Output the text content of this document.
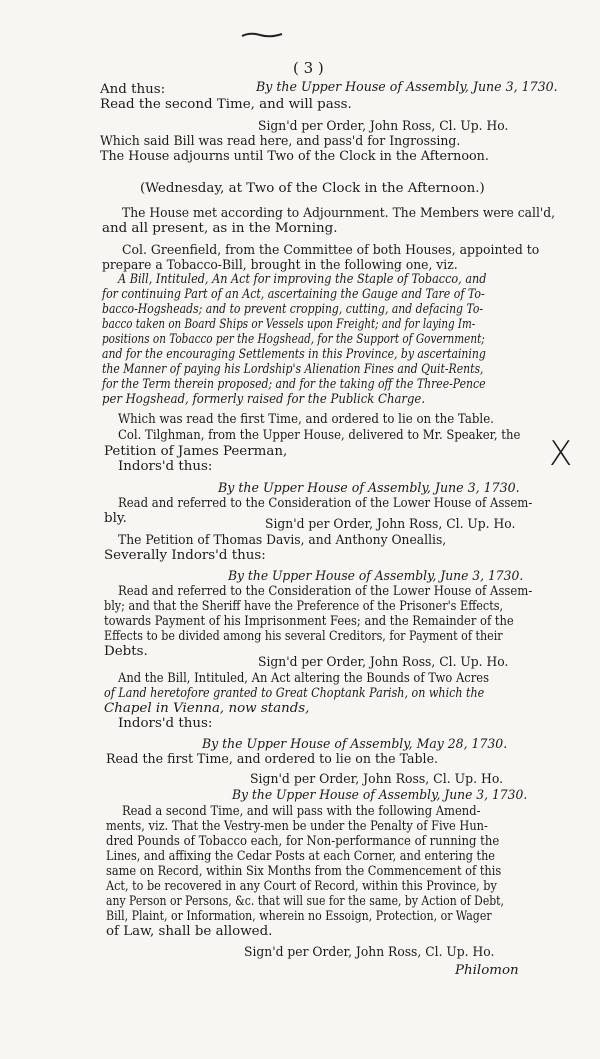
( 3 )
And thus:	By the Upper House of Assembly, June 3, 1730.
Read the second Time, and will pass.
Sign'd per Order, John Ross, Cl. Up. Ho.
Which said Bill was read here, and pass'd for Ingrossing.
The House adjourns until Two of the Clock in the Afternoon.
(Wednesday, at Two of the Clock in the Afternoon.)
The House met according to Adjournment. The Members were call'd,
and all present, as in the Morning.
Col. Greenfield, from the Committee of both Houses, appointed to
prepare a Tobacco-Bill, brought in the following one, viz.
A Bill, Intituled, An Act for improving the Staple of Tobacco, and
for continuing Part of an Act, ascertaining the Gauge and Tare of To-
bacco-Hogsheads; and to prevent cropping, cutting, and defacing To-
bacco taken on Board Ships or Vessels upon Freight; and for laying Im-
positions on Tobacco per the Hogshead, for the Support of Government;
and for the encouraging Settlements in this Province, by ascertaining
the Manner of paying his Lordship's Alienation Fines and Quit-Rents,
for the Term therein proposed; and for the taking off the Three-Pence
per Hogshead, formerly raised for the Publick Charge.
Which was read the first Time, and ordered to lie on the Table.
Col. Tilghman, from the Upper House, delivered to Mr. Speaker, the
Petition of James Peerman,
Indors'd thus:	X
By the Upper House of Assembly, June 3, 1730.
Read and referred to the Consideration of the Lower House of Assem-
bly.	Sign'd per Order, John Ross, Cl. Up. Ho.
The Petition of Thomas Davis, and Anthony Oneallis,
Severally Indors'd thus:
By the Upper House of Assembly, June 3, 1730.
Read and referred to the Consideration of the Lower House of Assem-
bly; and that the Sheriff have the Preference of the Prisoner's Effects,
towards Payment of his Imprisonment Fees; and the Remainder of the
Effects to be divided among his several Creditors, for Payment of their
Debts.
Sign'd per Order, John Ross, Cl. Up. Ho.
And the Bill, Intituled, An Act altering the Bounds of Two Acres
of Land heretofore granted to Great Choptank Parish, on which the
Chapel in Vienna, now stands,
Indors'd thus:
By the Upper House of Assembly, May 28, 1730.
Read the first Time, and ordered to lie on the Table.
Sign'd per Order, John Ross, Cl. Up. Ho.
By the Upper House of Assembly, June 3, 1730.
Read a second Time, and will pass with the following Amend-
ments, viz. That the Vestry-men be under the Penalty of Five Hun-
dred Pounds of Tobacco each, for Non-performance of running the
Lines, and affixing the Cedar Posts at each Corner, and entering the
same on Record, within Six Months from the Commencement of this
Act, to be recovered in any Court of Record, within this Province, by
any Person or Persons, &c. that will sue for the same, by Action of Debt,
Bill, Plaint, or Information, wherein no Essoign, Protection, or Wager
of Law, shall be allowed.
Sign'd per Order, John Ross, Cl. Up. Ho.
Philomon
